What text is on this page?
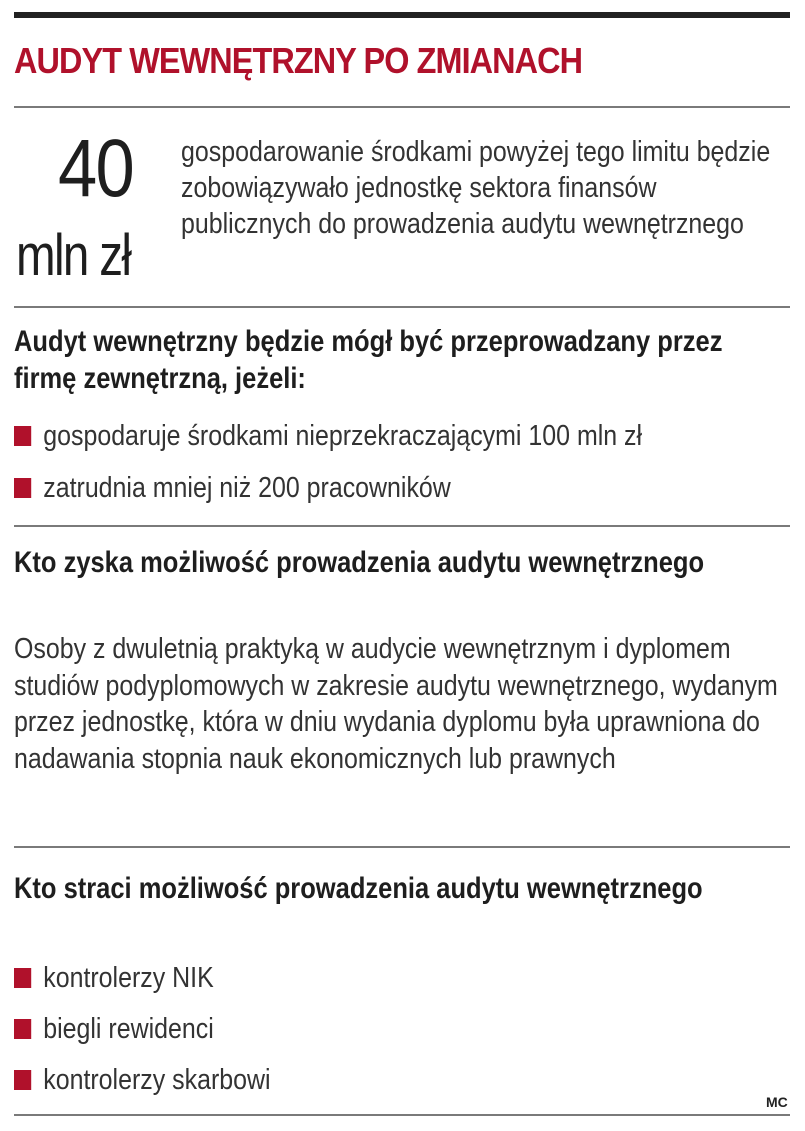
AUDYT WEWNĘTRZNY PO ZMIANACH
40
mln zł
gospodarowanie środkami powyżej tego limitu będzie zobowiązywało jednostkę sektora finansów publicznych do prowadzenia audytu wewnętrznego
Audyt wewnętrzny będzie mógł być przeprowadzany przez firmę zewnętrzną, jeżeli:
gospodaruje środkami nieprzekraczającymi 100 mln zł
zatrudnia mniej niż 200 pracowników
Kto zyska możliwość prowadzenia audytu wewnętrznego
Osoby z dwuletnią praktyką w audycie wewnętrznym i dyplomem studiów podyplomowych w zakresie audytu wewnętrznego, wydanym przez jednostkę, która w dniu wydania dyplomu była uprawniona do nadawania stopnia nauk ekonomicznych lub prawnych
Kto straci możliwość prowadzenia audytu wewnętrznego
kontrolerzy NIK
biegli rewidenci
kontrolerzy skarbowi
MC
